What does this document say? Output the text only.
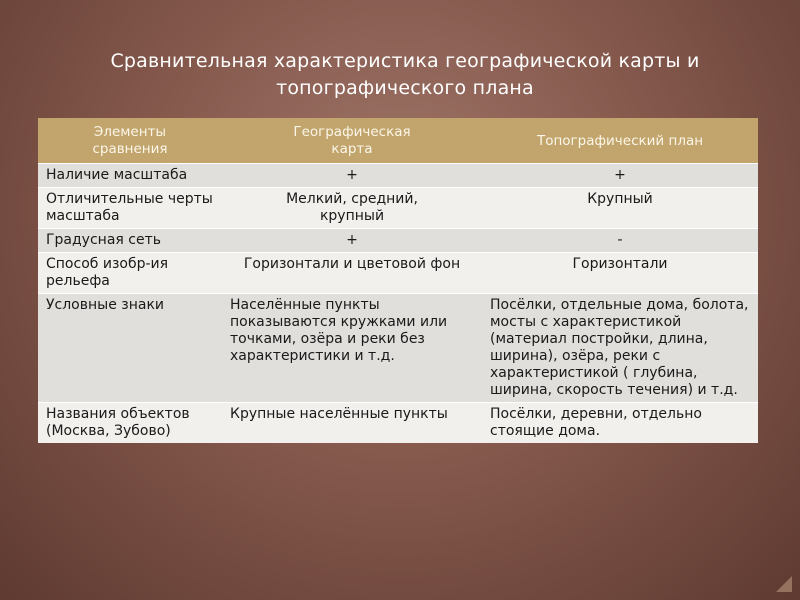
Сравнительная характеристика географической карты и
топографического плана
Элементы сравнения	Географическая карта	Топографический план
Наличие масштаба	+	+
Отличительные черты масштаба	Мелкий, средний, крупный	Крупный
Градусная сеть	+	-
Способ изобр-ия рельефа	Горизонтали и цветовой фон	Горизонтали
Условные знаки	Населённые пункты показываются кружками или точками, озёра и реки без характеристики и т.д.	Посёлки, отдельные дома, болота, мосты с характеристикой (материал постройки, длина, ширина), озёра, реки с характеристикой ( глубина, ширина, скорость течения) и т.д.
Названия объектов (Москва, Зубово)	Крупные населённые пункты	Посёлки, деревни, отдельно стоящие дома.
